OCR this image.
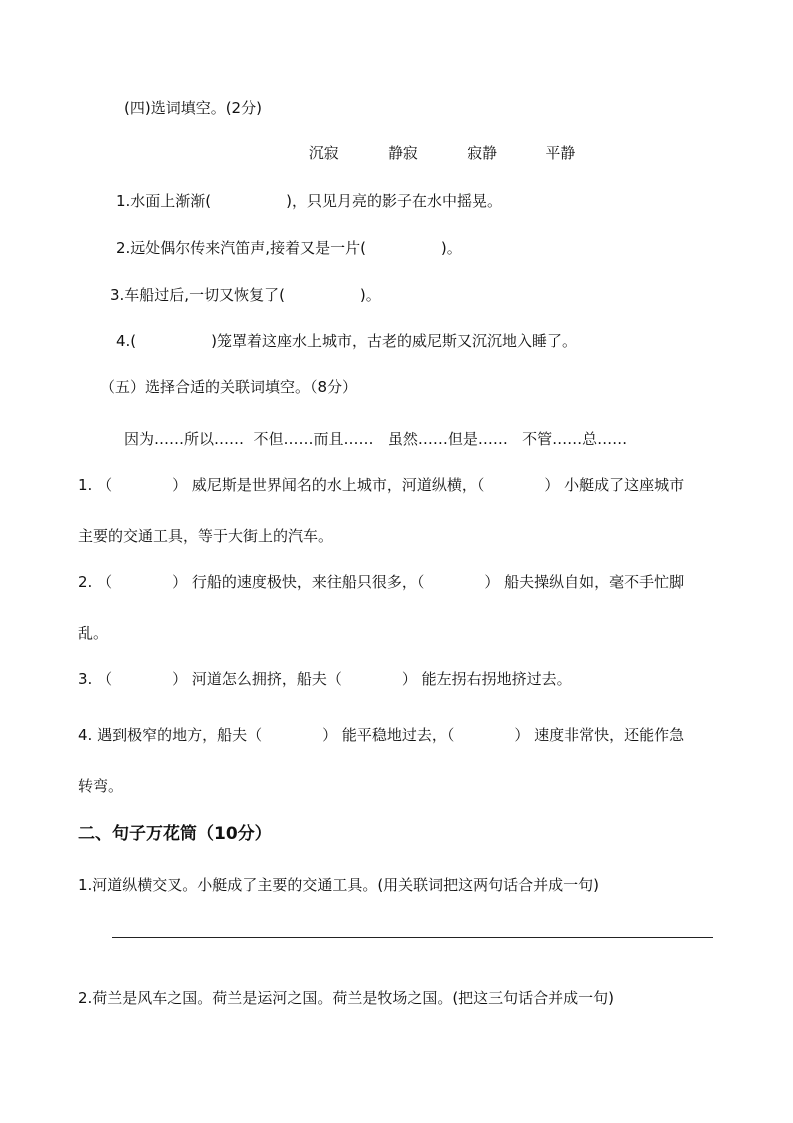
(四)选词填空。(2分)
沉寂	静寂	寂静	平静
1.水面上渐渐(　　　　　)，只见月亮的影子在水中摇晃。
2.远处偶尔传来汽笛声,接着又是一片(　　　　　)。
3.车船过后,一切又恢复了(　　　　　)。
4.(　　　　　)笼罩着这座水上城市，古老的威尼斯又沉沉地入睡了。
（五）选择合适的关联词填空。（8分）
因为……所以……  不但……而且……   虽然……但是……   不管……总……
1. （　　　　） 威尼斯是世界闻名的水上城市，河道纵横，（　　　　） 小艇成了这座城市
主要的交通工具，等于大街上的汽车。
2. （　　　　） 行船的速度极快，来往船只很多，（　　　　） 船夫操纵自如，毫不手忙脚
乱。
3. （　　　　） 河道怎么拥挤，船夫（　　　　） 能左拐右拐地挤过去。
4. 遇到极窄的地方，船夫（　　　　） 能平稳地过去，（　　　　） 速度非常快，还能作急
转弯。
二、句子万花筒（10分）
1.河道纵横交叉。小艇成了主要的交通工具。(用关联词把这两句话合并成一句)
2.荷兰是风车之国。荷兰是运河之国。荷兰是牧场之国。(把这三句话合并成一句)
